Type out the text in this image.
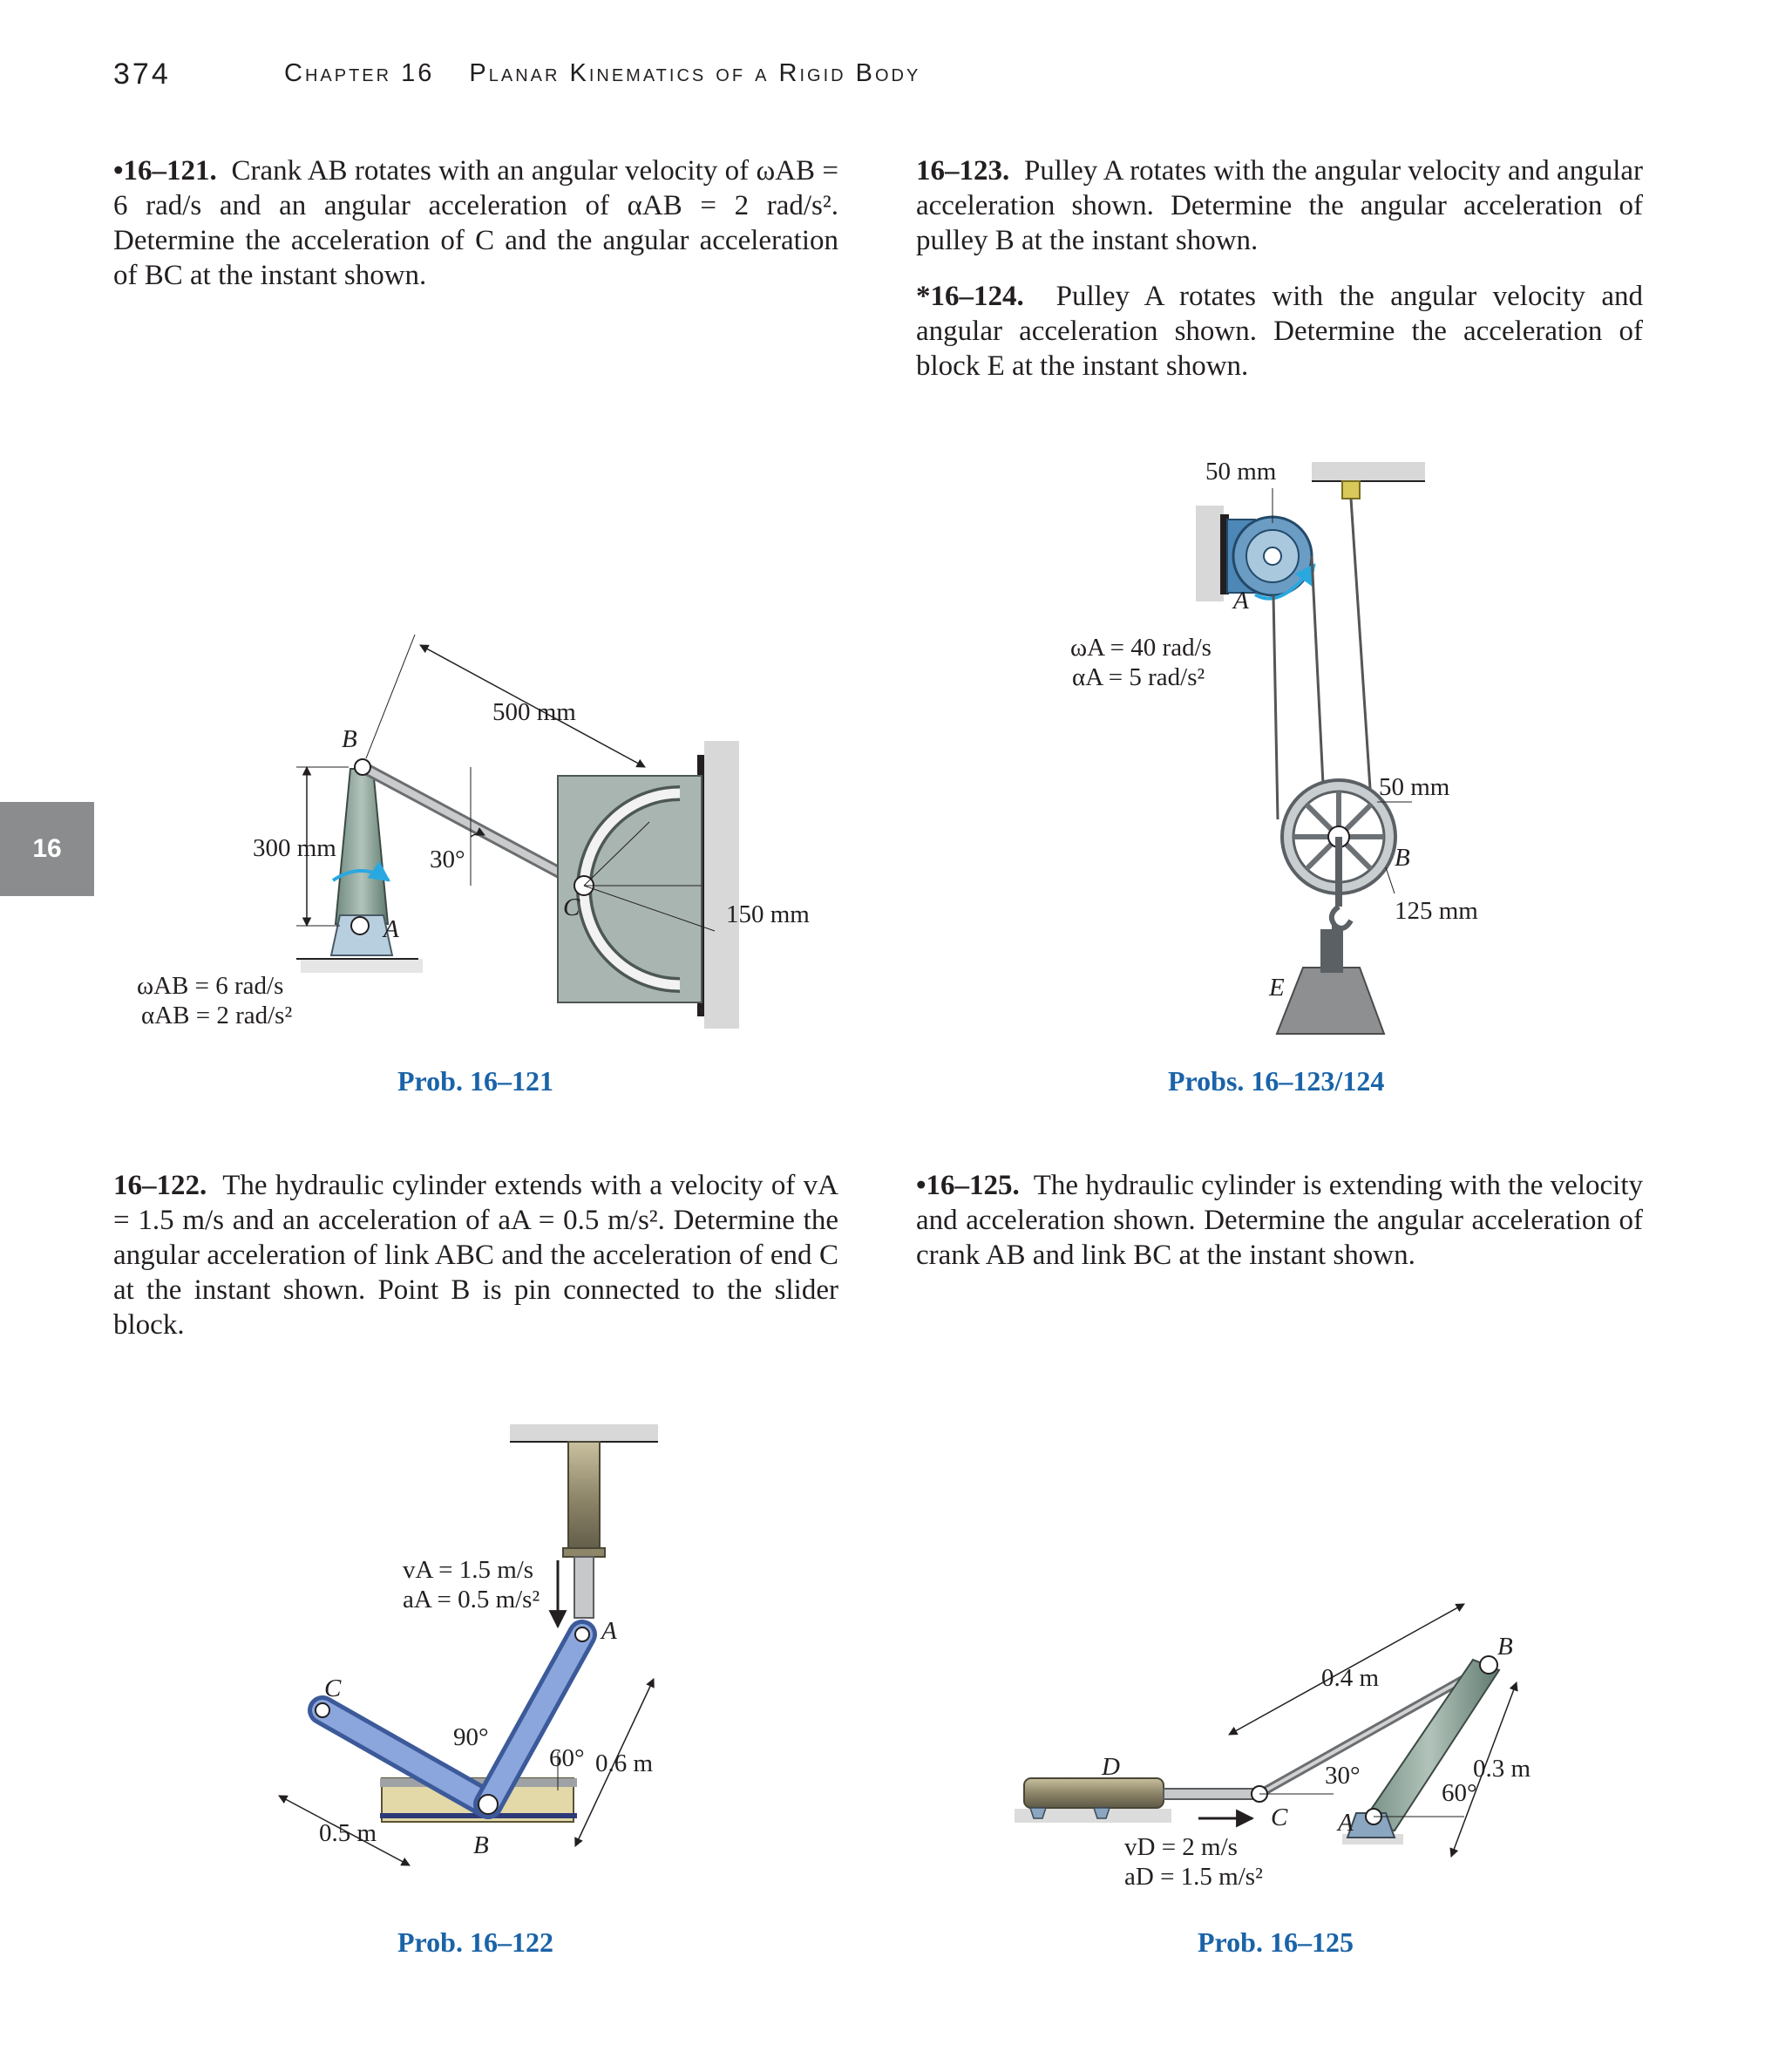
374	Chapter 16 Planar Kinematics of a Rigid Body
16
•16–121. Crank AB rotates with an angular velocity of ωAB = 6 rad/s and an angular acceleration of αAB = 2 rad/s². Determine the acceleration of C and the angular acceleration of BC at the instant shown.
16–123. Pulley A rotates with the angular velocity and angular acceleration shown. Determine the angular acceleration of pulley B at the instant shown.
*16–124. Pulley A rotates with the angular velocity and angular acceleration shown. Determine the acceleration of block E at the instant shown.
16–122. The hydraulic cylinder extends with a velocity of vA = 1.5 m/s and an acceleration of aA = 0.5 m/s². Determine the angular acceleration of link ABC and the acceleration of end C at the instant shown. Point B is pin connected to the slider block.
•16–125. The hydraulic cylinder is extending with the velocity and acceleration shown. Determine the angular acceleration of crank AB and link BC at the instant shown.
500 mm
B
300 mm	30°
A
C	150 mm
ωAB = 6 rad/s
αAB = 2 rad/s²
50 mm
A
ωA = 40 rad/s
αA = 5 rad/s²
50 mm
B
125 mm
E
vA = 1.5 m/s
aA = 0.5 m/s²
A
C
90°
60° 0.6 m
0.5 m	B
B
0.4 m
D	30°	0.3 m
60°
C A
vD = 2 m/s
aD = 1.5 m/s²
Prob. 16–121	Probs. 16–123/124
Prob. 16–122	Prob. 16–125
